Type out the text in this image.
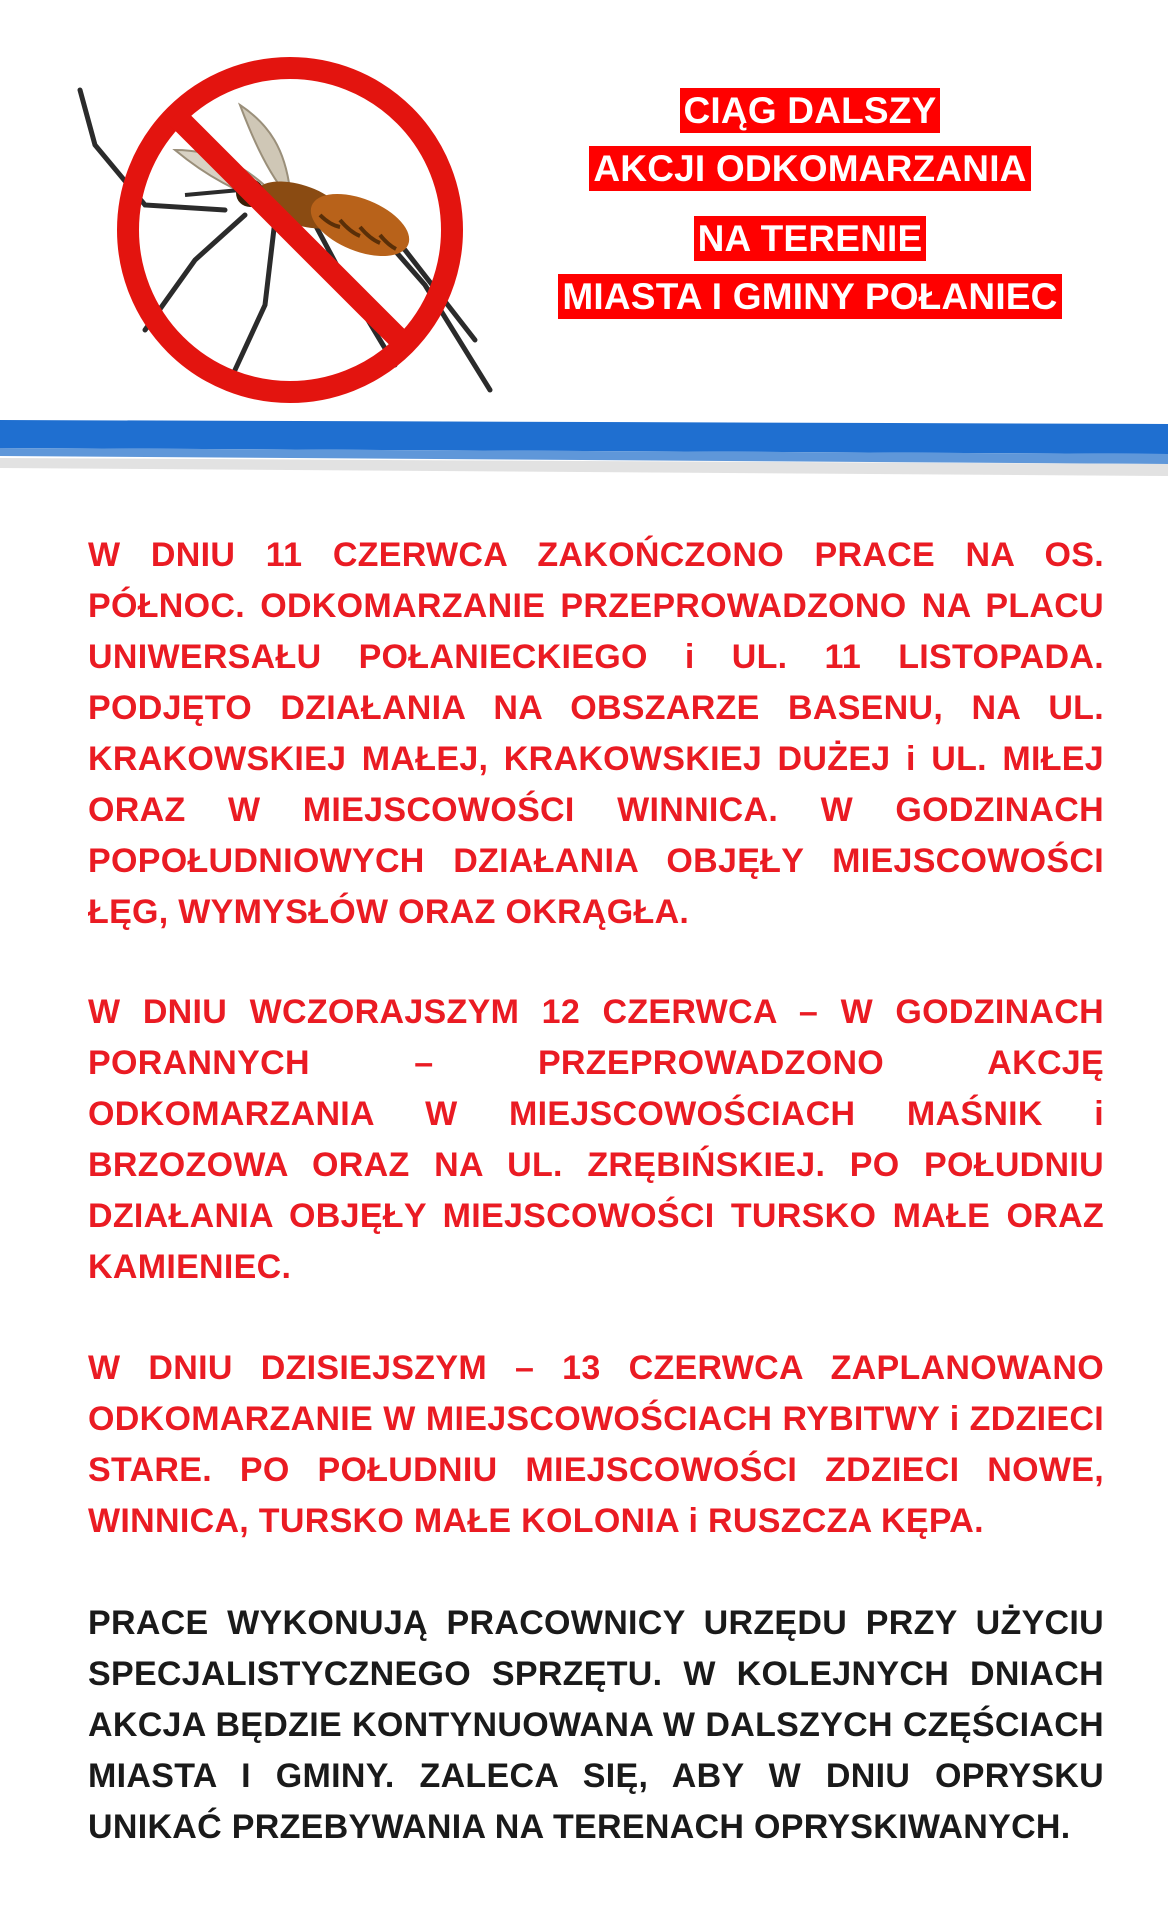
CIĄG DALSZY
AKCJI ODKOMARZANIA
NA TERENIE
MIASTA I GMINY POŁANIEC
W DNIU 11 CZERWCA ZAKOŃCZONO PRACE NA OS. PÓŁNOC. ODKOMARZANIE PRZEPROWADZONO NA PLACU UNIWERSAŁU POŁANIECKIEGO i UL. 11 LISTOPADA. PODJĘTO DZIAŁANIA NA OBSZARZE BASENU, NA UL. KRAKOWSKIEJ MAŁEJ, KRAKOWSKIEJ DUŻEJ i UL. MIŁEJ ORAZ W MIEJSCOWOŚCI WINNICA. W GODZINACH POPOŁUDNIOWYCH DZIAŁANIA OBJĘŁY MIEJSCOWOŚCI ŁĘG, WYMYSŁÓW ORAZ OKRĄGŁA.
W DNIU WCZORAJSZYM 12 CZERWCA – W GODZINACH PORANNYCH – PRZEPROWADZONO AKCJĘ ODKOMARZANIA W MIEJSCOWOŚCIACH MAŚNIK i BRZOZOWA ORAZ NA UL. ZRĘBIŃSKIEJ. PO POŁUDNIU DZIAŁANIA OBJĘŁY MIEJSCOWOŚCI TURSKO MAŁE ORAZ KAMIENIEC.
W DNIU DZISIEJSZYM – 13 CZERWCA ZAPLANOWANO ODKOMARZANIE W MIEJSCOWOŚCIACH RYBITWY i ZDZIECI STARE. PO POŁUDNIU MIEJSCOWOŚCI ZDZIECI NOWE, WINNICA, TURSKO MAŁE KOLONIA i RUSZCZA KĘPA.
PRACE WYKONUJĄ PRACOWNICY URZĘDU PRZY UŻYCIU SPECJALISTYCZNEGO SPRZĘTU. W KOLEJNYCH DNIACH AKCJA BĘDZIE KONTYNUOWANA W DALSZYCH CZĘŚCIACH MIASTA I GMINY. ZALECA SIĘ, ABY W DNIU OPRYSKU UNIKAĆ PRZEBYWANIA NA TERENACH OPRYSKIWANYCH.
